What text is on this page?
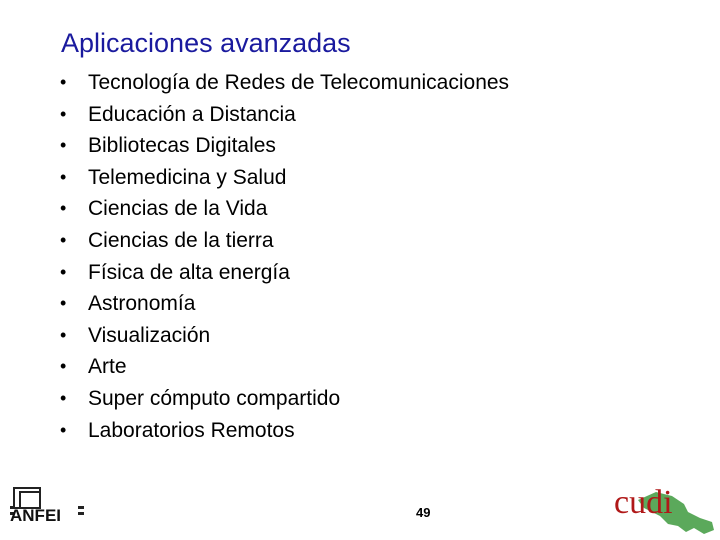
Aplicaciones avanzadas
•	Tecnología de Redes de Telecomunicaciones
•	Educación a Distancia
•	Bibliotecas Digitales
•	Telemedicina y Salud
•	Ciencias de la Vida
•	Ciencias de la tierra
•	Física de alta energía
•	Astronomía
•	Visualización
•	Arte
•	Super cómputo compartido
•	Laboratorios Remotos
ANFEI	49	cudi
